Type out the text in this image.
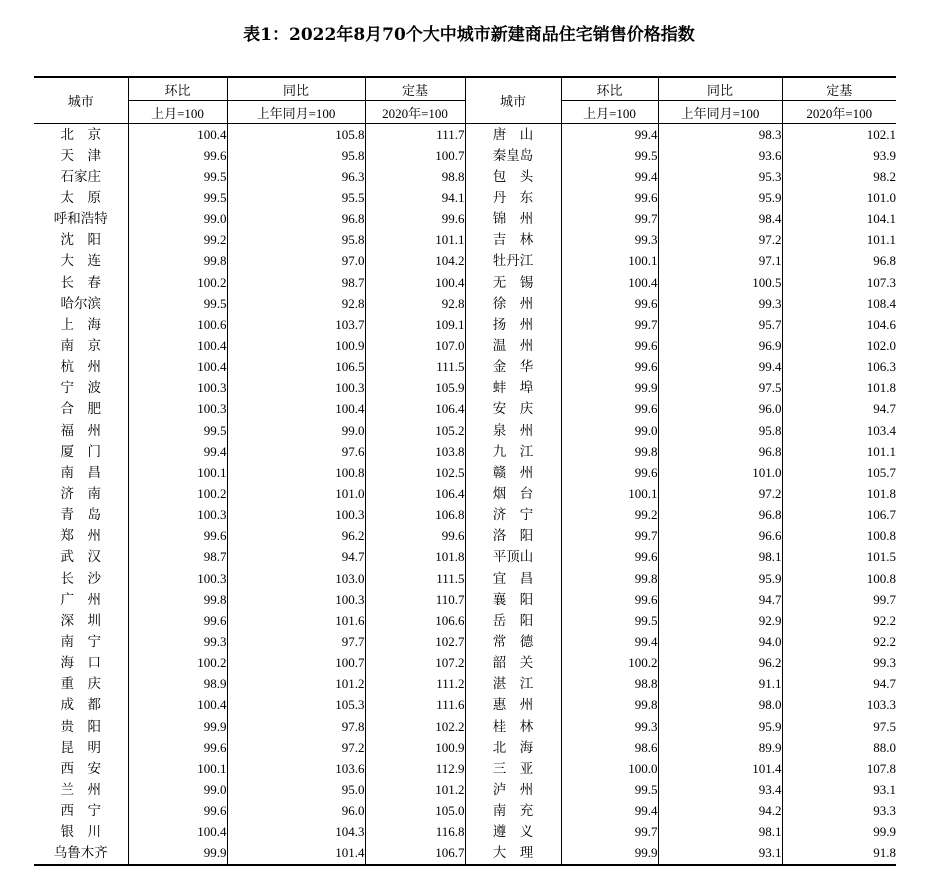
表1：2022年8月70个大中城市新建商品住宅销售价格指数
城市	环比	同比	定基	城市	环比	同比	定基
	上月=100	上年同月=100	2020年=100		上月=100	上年同月=100	2020年=100
北　京	100.4	105.8	111.7	唐　山	99.4	98.3	102.1
天　津	99.6	95.8	100.7	秦皇岛	99.5	93.6	93.9
石家庄	99.5	96.3	98.8	包　头	99.4	95.3	98.2
太　原	99.5	95.5	94.1	丹　东	99.6	95.9	101.0
呼和浩特	99.0	96.8	99.6	锦　州	99.7	98.4	104.1
沈　阳	99.2	95.8	101.1	吉　林	99.3	97.2	101.1
大　连	99.8	97.0	104.2	牡丹江	100.1	97.1	96.8
长　春	100.2	98.7	100.4	无　锡	100.4	100.5	107.3
哈尔滨	99.5	92.8	92.8	徐　州	99.6	99.3	108.4
上　海	100.6	103.7	109.1	扬　州	99.7	95.7	104.6
南　京	100.4	100.9	107.0	温　州	99.6	96.9	102.0
杭　州	100.4	106.5	111.5	金　华	99.6	99.4	106.3
宁　波	100.3	100.3	105.9	蚌　埠	99.9	97.5	101.8
合　肥	100.3	100.4	106.4	安　庆	99.6	96.0	94.7
福　州	99.5	99.0	105.2	泉　州	99.0	95.8	103.4
厦　门	99.4	97.6	103.8	九　江	99.8	96.8	101.1
南　昌	100.1	100.8	102.5	赣　州	99.6	101.0	105.7
济　南	100.2	101.0	106.4	烟　台	100.1	97.2	101.8
青　岛	100.3	100.3	106.8	济　宁	99.2	96.8	106.7
郑　州	99.6	96.2	99.6	洛　阳	99.7	96.6	100.8
武　汉	98.7	94.7	101.8	平顶山	99.6	98.1	101.5
长　沙	100.3	103.0	111.5	宜　昌	99.8	95.9	100.8
广　州	99.8	100.3	110.7	襄　阳	99.6	94.7	99.7
深　圳	99.6	101.6	106.6	岳　阳	99.5	92.9	92.2
南　宁	99.3	97.7	102.7	常　德	99.4	94.0	92.2
海　口	100.2	100.7	107.2	韶　关	100.2	96.2	99.3
重　庆	98.9	101.2	111.2	湛　江	98.8	91.1	94.7
成　都	100.4	105.3	111.6	惠　州	99.8	98.0	103.3
贵　阳	99.9	97.8	102.2	桂　林	99.3	95.9	97.5
昆　明	99.6	97.2	100.9	北　海	98.6	89.9	88.0
西　安	100.1	103.6	112.9	三　亚	100.0	101.4	107.8
兰　州	99.0	95.0	101.2	泸　州	99.5	93.4	93.1
西　宁	99.6	96.0	105.0	南　充	99.4	94.2	93.3
银　川	100.4	104.3	116.8	遵　义	99.7	98.1	99.9
乌鲁木齐	99.9	101.4	106.7	大　理	99.9	93.1	91.8
